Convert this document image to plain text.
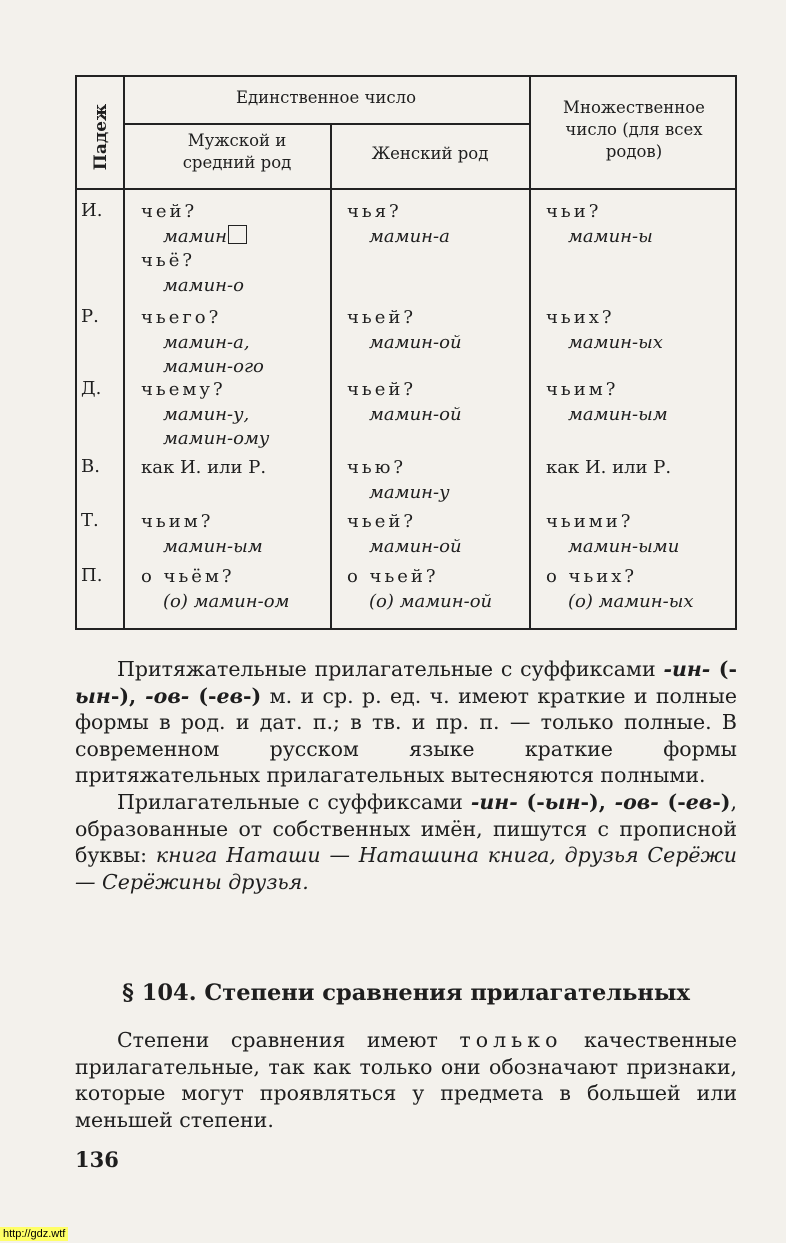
Падеж
Единственное число
Мужской и средний род	Женский род
Множественное число (для всех родов)
И. чей?
мамин
чьё?
мамин-о
чья?
мамин-а
чьи?
мамин-ы
Р. чьего?
мамин-а,
мамин-ого
чьей?
мамин-ой
чьих?
мамин-ых
Д. чьему?
мамин-у,
мамин-ому
чьей?
мамин-ой
чьим?
мамин-ым
В. как И. или Р.	чью?
мамин-у
как И. или Р.
Т. чьим?
мамин-ым
чьей?
мамин-ой
чьими?
мамин-ыми
П. о чьём?
(о) мамин-ом
о чьей?
(о) мамин-ой
о чьих?
(о) мамин-ых

Притяжательные прилагательные с суффиксами -ин- (-ын-), -ов- (-ев-) м. и ср. р. ед. ч. имеют краткие и полные формы в род. и дат. п.; в тв. и пр. п. — только полные. В современном русском языке краткие формы притяжательных прилагательных вытесняются полными.

Прилагательные с суффиксами -ин- (-ын-), -ов- (-ев-), образованные от собственных имён, пишутся с прописной буквы: книга Наташи — Наташина книга, друзья Серёжи — Серёжины друзья.

§ 104. Степени сравнения прилагательных

Степени сравнения имеют только качественные прилагательные, так как только они обозначают признаки, которые могут проявляться у предмета в большей или меньшей степени.

136
http://gdz.wtf
